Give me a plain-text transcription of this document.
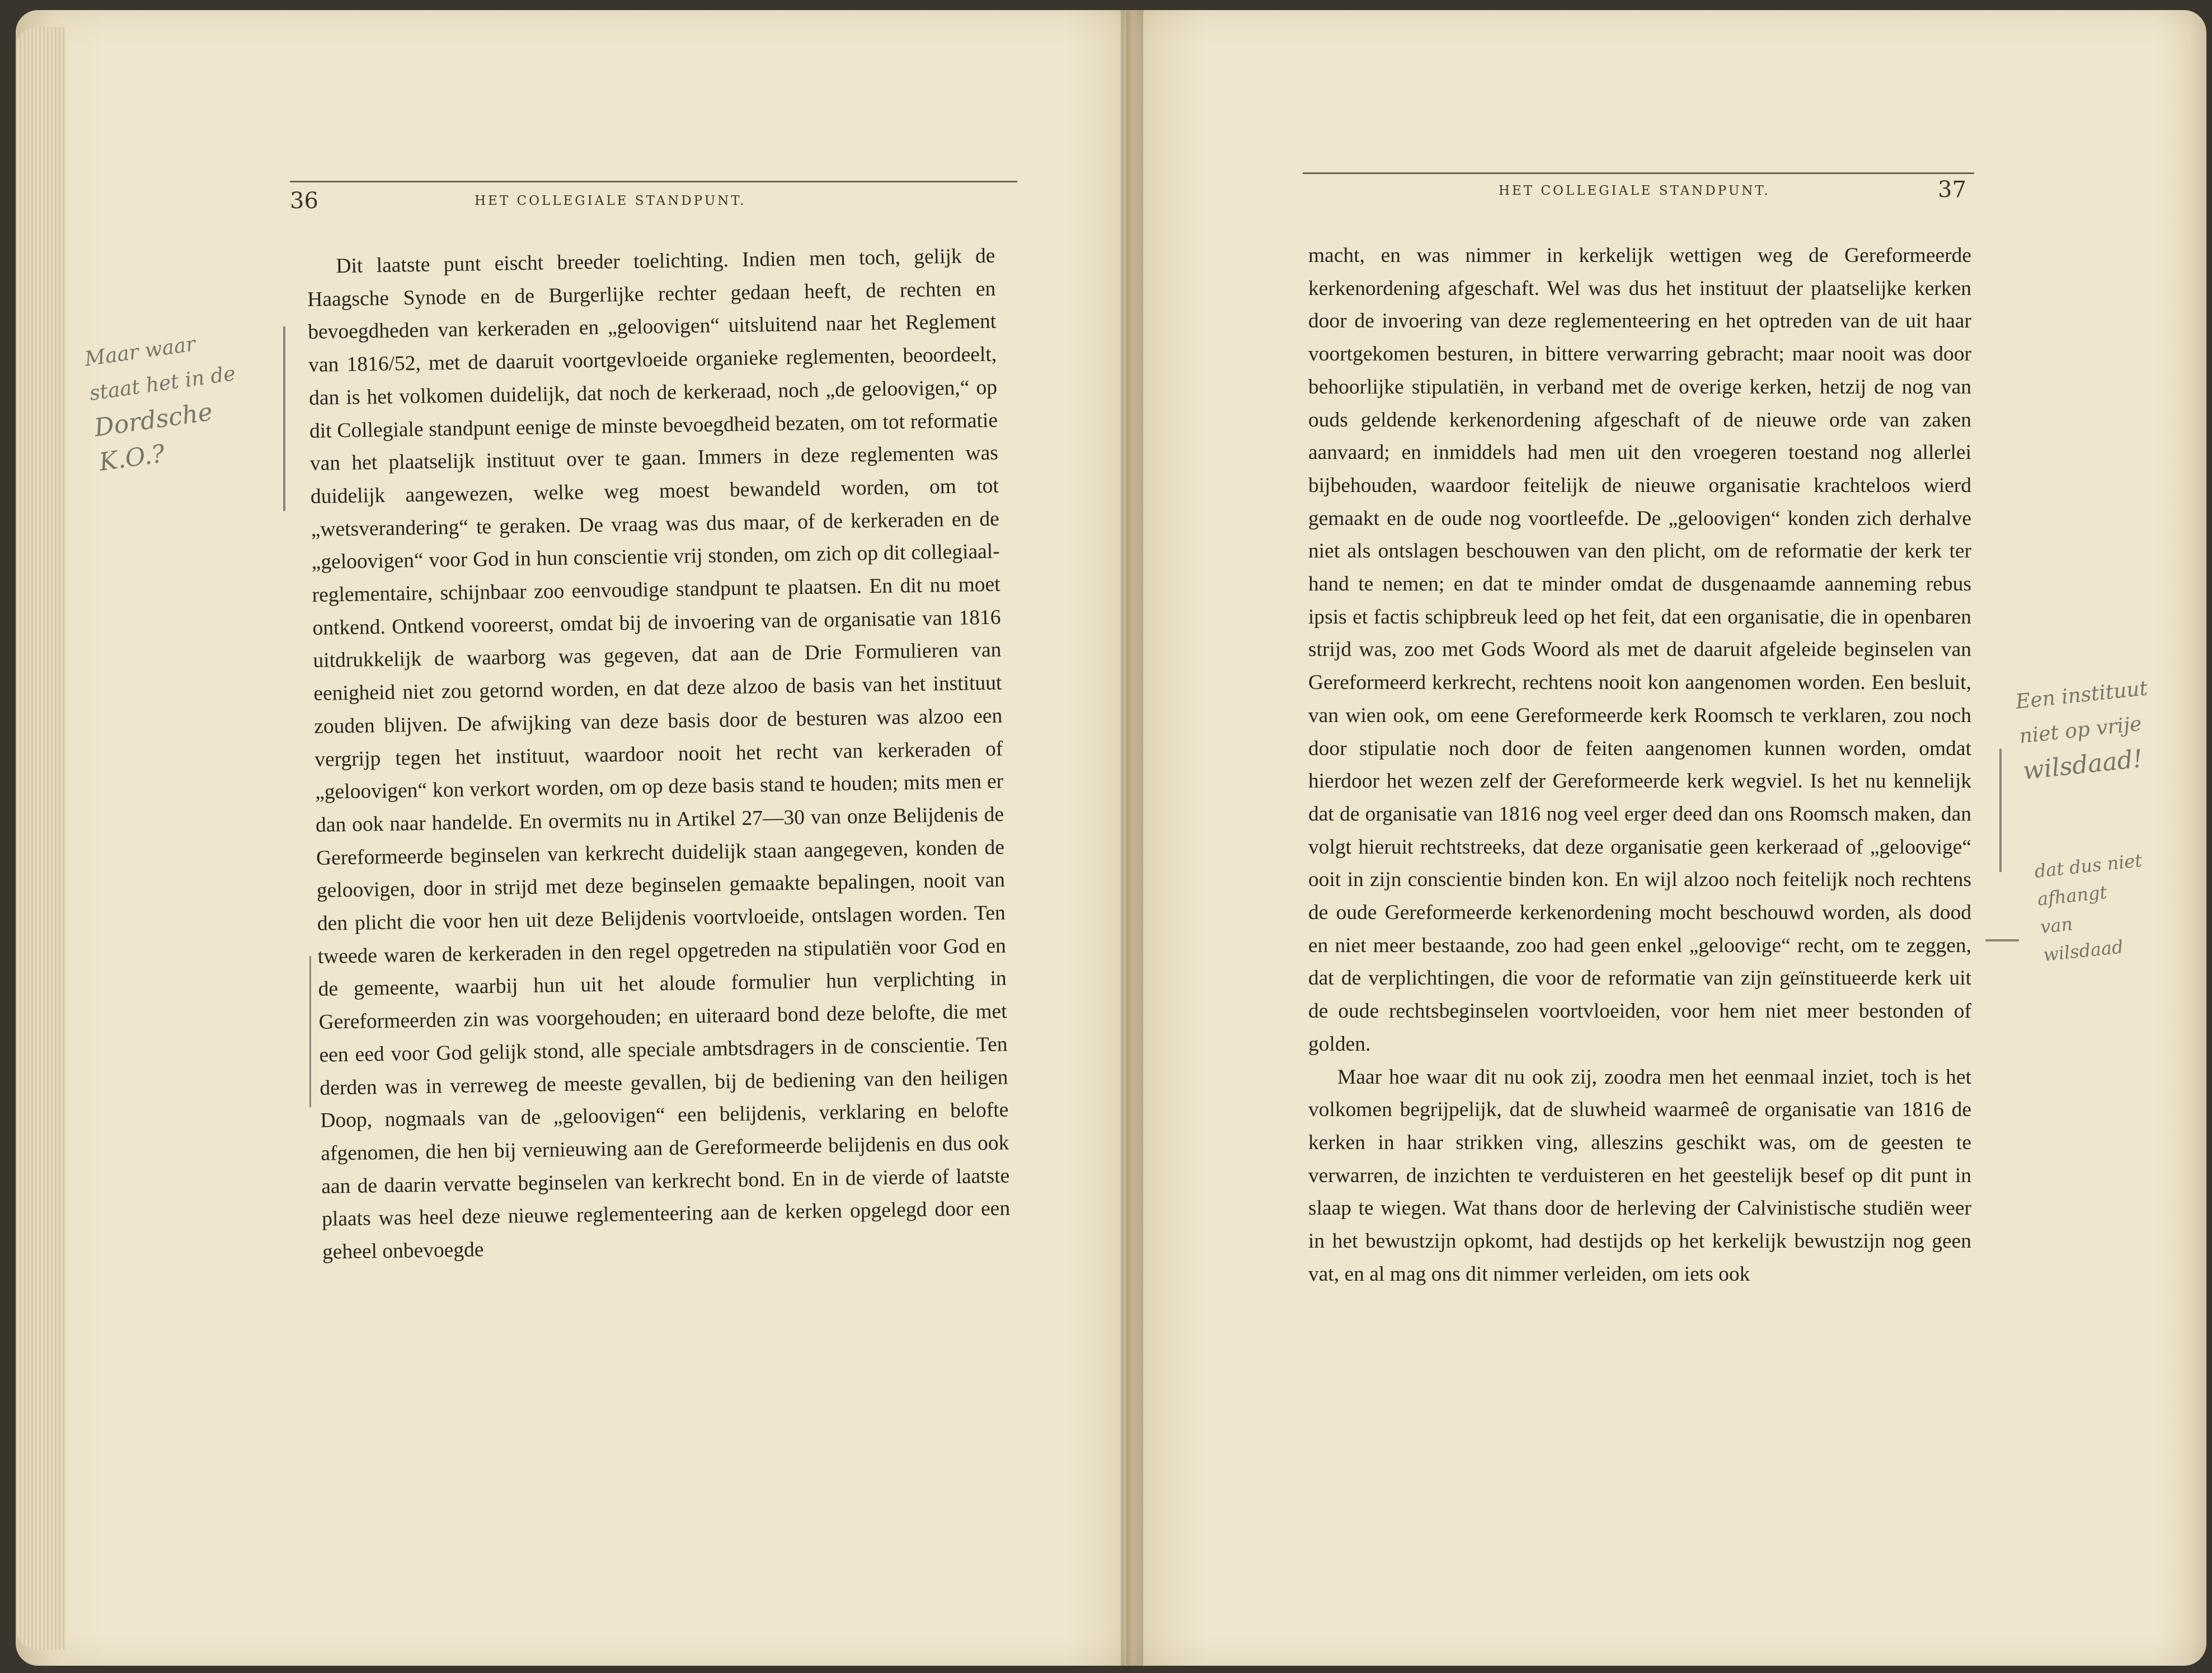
36	HET COLLEGIALE STANDPUNT.

Dit laatste punt eischt breeder toelichting. Indien men toch, gelijk de Haagsche Synode en de Burgerlijke rechter gedaan heeft, de rechten en bevoegdheden van kerkeraden en „geloovigen“ uitsluitend naar het Reglement van 1816/52, met de daaruit voortgevloeide organieke reglementen, beoordeelt, dan is het volkomen duidelijk, dat noch de kerkeraad, noch „de geloovigen,“ op dit Collegiale standpunt eenige de minste bevoegdheid bezaten, om tot reformatie van het plaatselijk instituut over te gaan. Immers in deze reglementen was duidelijk aangewezen, welke weg moest bewandeld worden, om tot „wetsverandering“ te geraken. De vraag was dus maar, of de kerkeraden en de „geloovigen“ voor God in hun conscientie vrij stonden, om zich op dit collegiaal-reglementaire, schijnbaar zoo eenvoudige standpunt te plaatsen. En dit nu moet ontkend. Ontkend vooreerst, omdat bij de invoering van de organisatie van 1816 uitdrukkelijk de waarborg was gegeven, dat aan de Drie Formulieren van eenigheid niet zou getornd worden, en dat deze alzoo de basis van het instituut zouden blijven. De afwijking van deze basis door de besturen was alzoo een vergrijp tegen het instituut, waardoor nooit het recht van kerkeraden of „geloovigen“ kon verkort worden, om op deze basis stand te houden; mits men er dan ook naar handelde. En overmits nu in Artikel 27—30 van onze Belijdenis de Gereformeerde beginselen van kerkrecht duidelijk staan aangegeven, konden de geloovigen, door in strijd met deze beginselen gemaakte bepalingen, nooit van den plicht die voor hen uit deze Belijdenis voortvloeide, ontslagen worden. Ten tweede waren de kerkeraden in den regel opgetreden na stipulatiën voor God en de gemeente, waarbij hun uit het aloude formulier hun verplichting in Gereformeerden zin was voorgehouden; en uiteraard bond deze belofte, die met een eed voor God gelijk stond, alle speciale ambtsdragers in de conscientie. Ten derden was in verreweg de meeste gevallen, bij de bediening van den heiligen Doop, nogmaals van de „geloovigen“ een belijdenis, verklaring en belofte afgenomen, die hen bij vernieuwing aan de Gereformeerde belijdenis en dus ook aan de daarin vervatte beginselen van kerkrecht bond. En in de vierde of laatste plaats was heel deze nieuwe reglementeering aan de kerken opgelegd door een geheel onbevoegde

Maar waar
staat het in de
Dordsche K.O.?
HET COLLEGIALE STANDPUNT.	37

macht, en was nimmer in kerkelijk wettigen weg de Gereformeerde kerkenordening afgeschaft. Wel was dus het instituut der plaatselijke kerken door de invoering van deze reglementeering en het optreden van de uit haar voortgekomen besturen, in bittere verwarring gebracht; maar nooit was door behoorlijke stipulatiën, in verband met de overige kerken, hetzij de nog van ouds geldende kerkenordening afgeschaft of de nieuwe orde van zaken aanvaard; en inmiddels had men uit den vroegeren toestand nog allerlei bijbehouden, waardoor feitelijk de nieuwe organisatie krachteloos wierd gemaakt en de oude nog voortleefde. De „geloovigen“ konden zich derhalve niet als ontslagen beschouwen van den plicht, om de reformatie der kerk ter hand te nemen; en dat te minder omdat de dusgenaamde aanneming rebus ipsis et factis schipbreuk leed op het feit, dat een organisatie, die in openbaren strijd was, zoo met Gods Woord als met de daaruit afgeleide beginselen van Gereformeerd kerkrecht, rechtens nooit kon aangenomen worden. Een besluit, van wien ook, om eene Gereformeerde kerk Roomsch te verklaren, zou noch door stipulatie noch door de feiten aangenomen kunnen worden, omdat hierdoor het wezen zelf der Gereformeerde kerk wegviel. Is het nu kennelijk dat de organisatie van 1816 nog veel erger deed dan ons Roomsch maken, dan volgt hieruit rechtstreeks, dat deze organisatie geen kerkeraad of „geloovige“ ooit in zijn conscientie binden kon. En wijl alzoo noch feitelijk noch rechtens de oude Gereformeerde kerkenordening mocht beschouwd worden, als dood en niet meer bestaande, zoo had geen enkel „geloovige“ recht, om te zeggen, dat de verplichtingen, die voor de reformatie van zijn geïnstitueerde kerk uit de oude rechtsbeginselen voortvloeiden, voor hem niet meer bestonden of golden.

Maar hoe waar dit nu ook zij, zoodra men het eenmaal inziet, toch is het volkomen begrijpelijk, dat de sluwheid waarmeê de organisatie van 1816 de kerken in haar strikken ving, alleszins geschikt was, om de geesten te verwarren, de inzichten te verduisteren en het geestelijk besef op dit punt in slaap te wiegen. Wat thans door de herleving der Calvinistische studiën weer in het bewustzijn opkomt, had destijds op het kerkelijk bewustzijn nog geen vat, en al mag ons dit nimmer verleiden, om iets ook

Een instituut
niet op vrije
wilsdaad!
dat dus niet
afhangt
van
wilsdaad
